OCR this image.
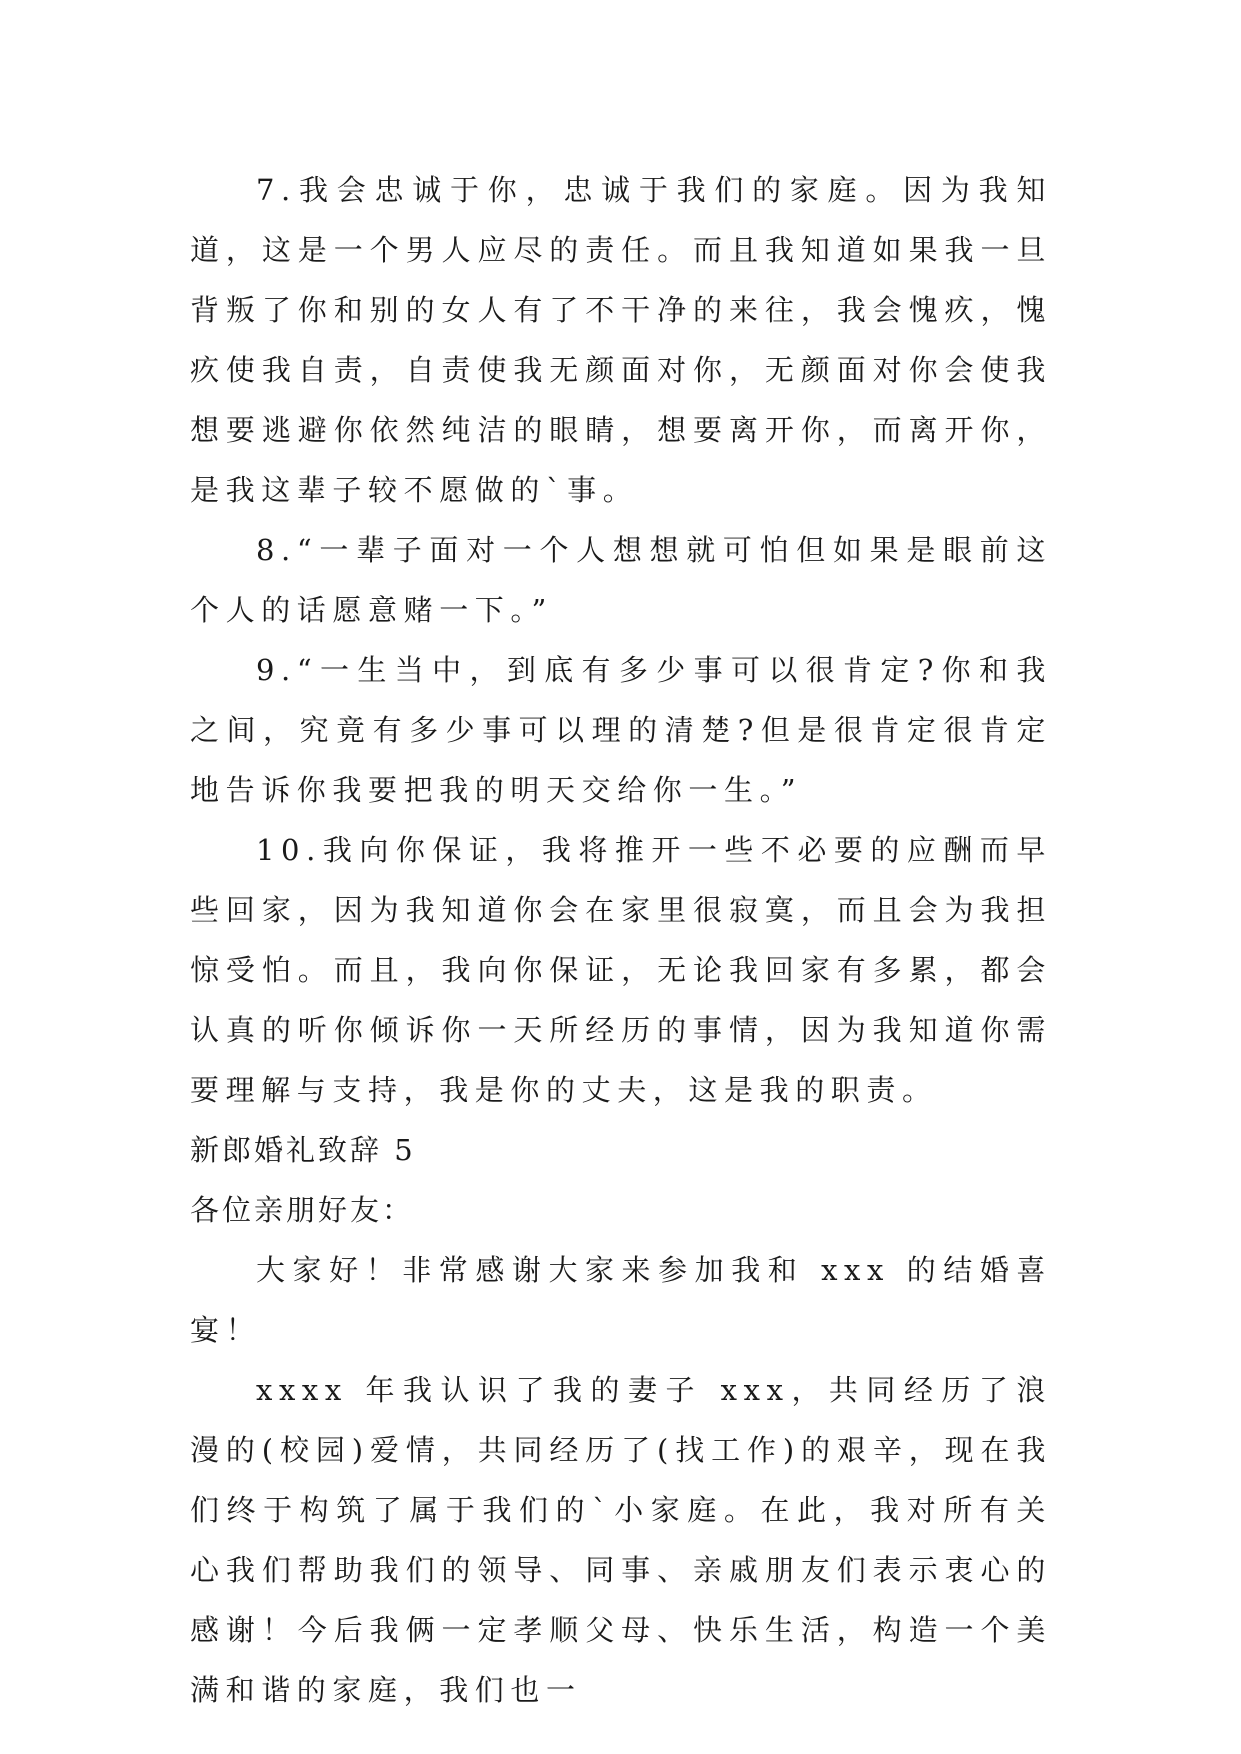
7.我会忠诚于你，忠诚于我们的家庭。因为我知道，这是一个男人应尽的责任。而且我知道如果我一旦背叛了你和别的女人有了不干净的来往，我会愧疚，愧疚使我自责，自责使我无颜面对你，无颜面对你会使我想要逃避你依然纯洁的眼睛，想要离开你，而离开你，是我这辈子较不愿做的`事。

8.“一辈子面对一个人想想就可怕但如果是眼前这个人的话愿意赌一下。”

9.“一生当中，到底有多少事可以很肯定?你和我之间，究竟有多少事可以理的清楚?但是很肯定很肯定地告诉你我要把我的明天交给你一生。”

10.我向你保证，我将推开一些不必要的应酬而早些回家，因为我知道你会在家里很寂寞，而且会为我担惊受怕。而且，我向你保证，无论我回家有多累，都会认真的听你倾诉你一天所经历的事情，因为我知道你需要理解与支持，我是你的丈夫，这是我的职责。

新郎婚礼致辞 5

各位亲朋好友：

大家好！非常感谢大家来参加我和 xxx 的结婚喜宴！

xxxx 年我认识了我的妻子 xxx，共同经历了浪漫的(校园)爱情，共同经历了(找工作)的艰辛，现在我们终于构筑了属于我们的`小家庭。在此，我对所有关心我们帮助我们的领导、同事、亲戚朋友们表示衷心的感谢！今后我俩一定孝顺父母、快乐生活，构造一个美满和谐的家庭，我们也一
